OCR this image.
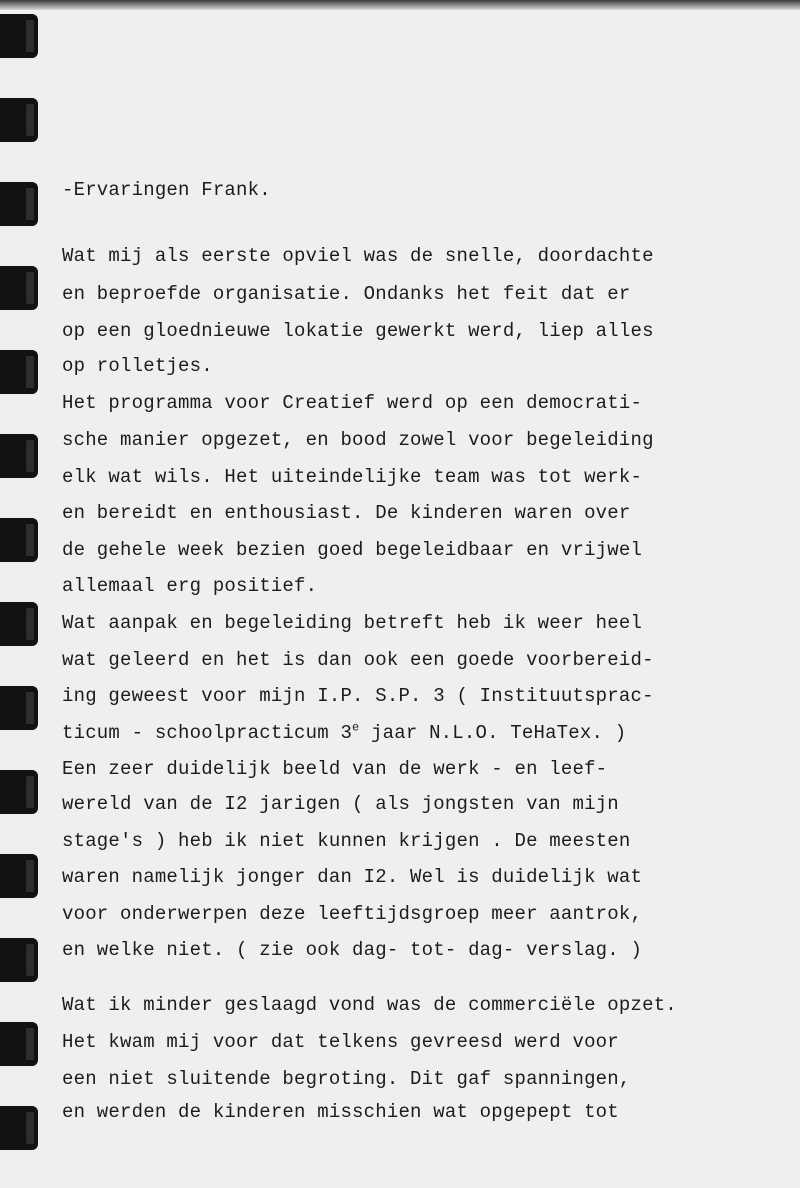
-Ervaringen Frank.
Wat mij als eerste opviel was de snelle, doordachte
en beproefde organisatie. Ondanks het feit dat er
op een gloednieuwe lokatie gewerkt werd, liep alles
op rolletjes.
Het programma voor Creatief werd op een democrati-
sche manier opgezet, en bood zowel voor begeleiding
elk wat wils. Het uiteindelijke team was tot werk-
en bereidt en enthousiast. De kinderen waren over
de gehele week bezien goed begeleidbaar en vrijwel
allemaal erg positief.
Wat aanpak en begeleiding betreft heb ik weer heel
wat geleerd en het is dan ook een goede voorbereid-
ing geweest voor mijn I.P. S.P. 3 ( Instituutsprac-
ticum - schoolpracticum 3e jaar N.L.O. TeHaTex. )
Een zeer duidelijk beeld van de werk - en leef-
wereld van de I2 jarigen ( als jongsten van mijn
stage's ) heb ik niet kunnen krijgen . De meesten
waren namelijk jonger dan I2. Wel is duidelijk wat
voor onderwerpen deze leeftijdsgroep meer aantrok,
en welke niet. ( zie ook dag- tot- dag- verslag. )
Wat ik minder geslaagd vond was de commerciële opzet.
Het kwam mij voor dat telkens gevreesd werd voor
een niet sluitende begroting. Dit gaf spanningen,
en werden de kinderen misschien wat opgepept tot
